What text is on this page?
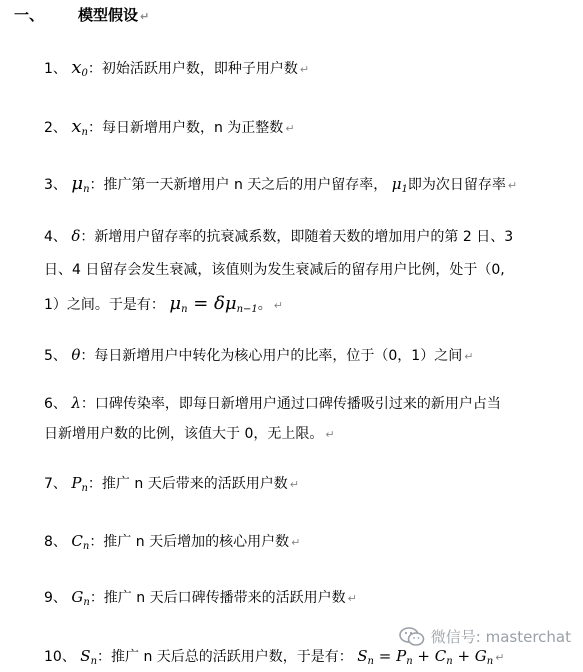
一、 模型假设 ↵
1、 $x_0$：初始活跃用户数，即种子用户数 ↵
2、 $x_n$：每日新增用户数，n 为正整数 ↵
3、 $\mu_n$：推广第一天新增用户 n 天之后的用户留存率， $\mu_1$即为次日留存率 ↵
4、 δ：新增用户留存率的抗衰减系数，即随着天数的增加用户的第 2 日、3
日、4 日留存会发生衰减，该值则为发生衰减后的留存用户比例，处于（0,
1）之间。于是有： $\mu_n = \delta\mu_{n-1}$。 ↵
5、 θ：每日新增用户中转化为核心用户的比率，位于（0，1）之间 ↵
6、 λ：口碑传染率，即每日新增用户通过口碑传播吸引过来的新用户占当
日新增用户数的比例，该值大于 0，无上限。 ↵
7、 $P_n$：推广 n 天后带来的活跃用户数 ↵
8、 $C_n$：推广 n 天后增加的核心用户数 ↵
9、 $G_n$：推广 n 天后口碑传播带来的活跃用户数 ↵
10、 $S_n$：推广 n 天后总的活跃用户数，于是有： $S_n = P_n + C_n + G_n$ ↵
微信号: masterchat
